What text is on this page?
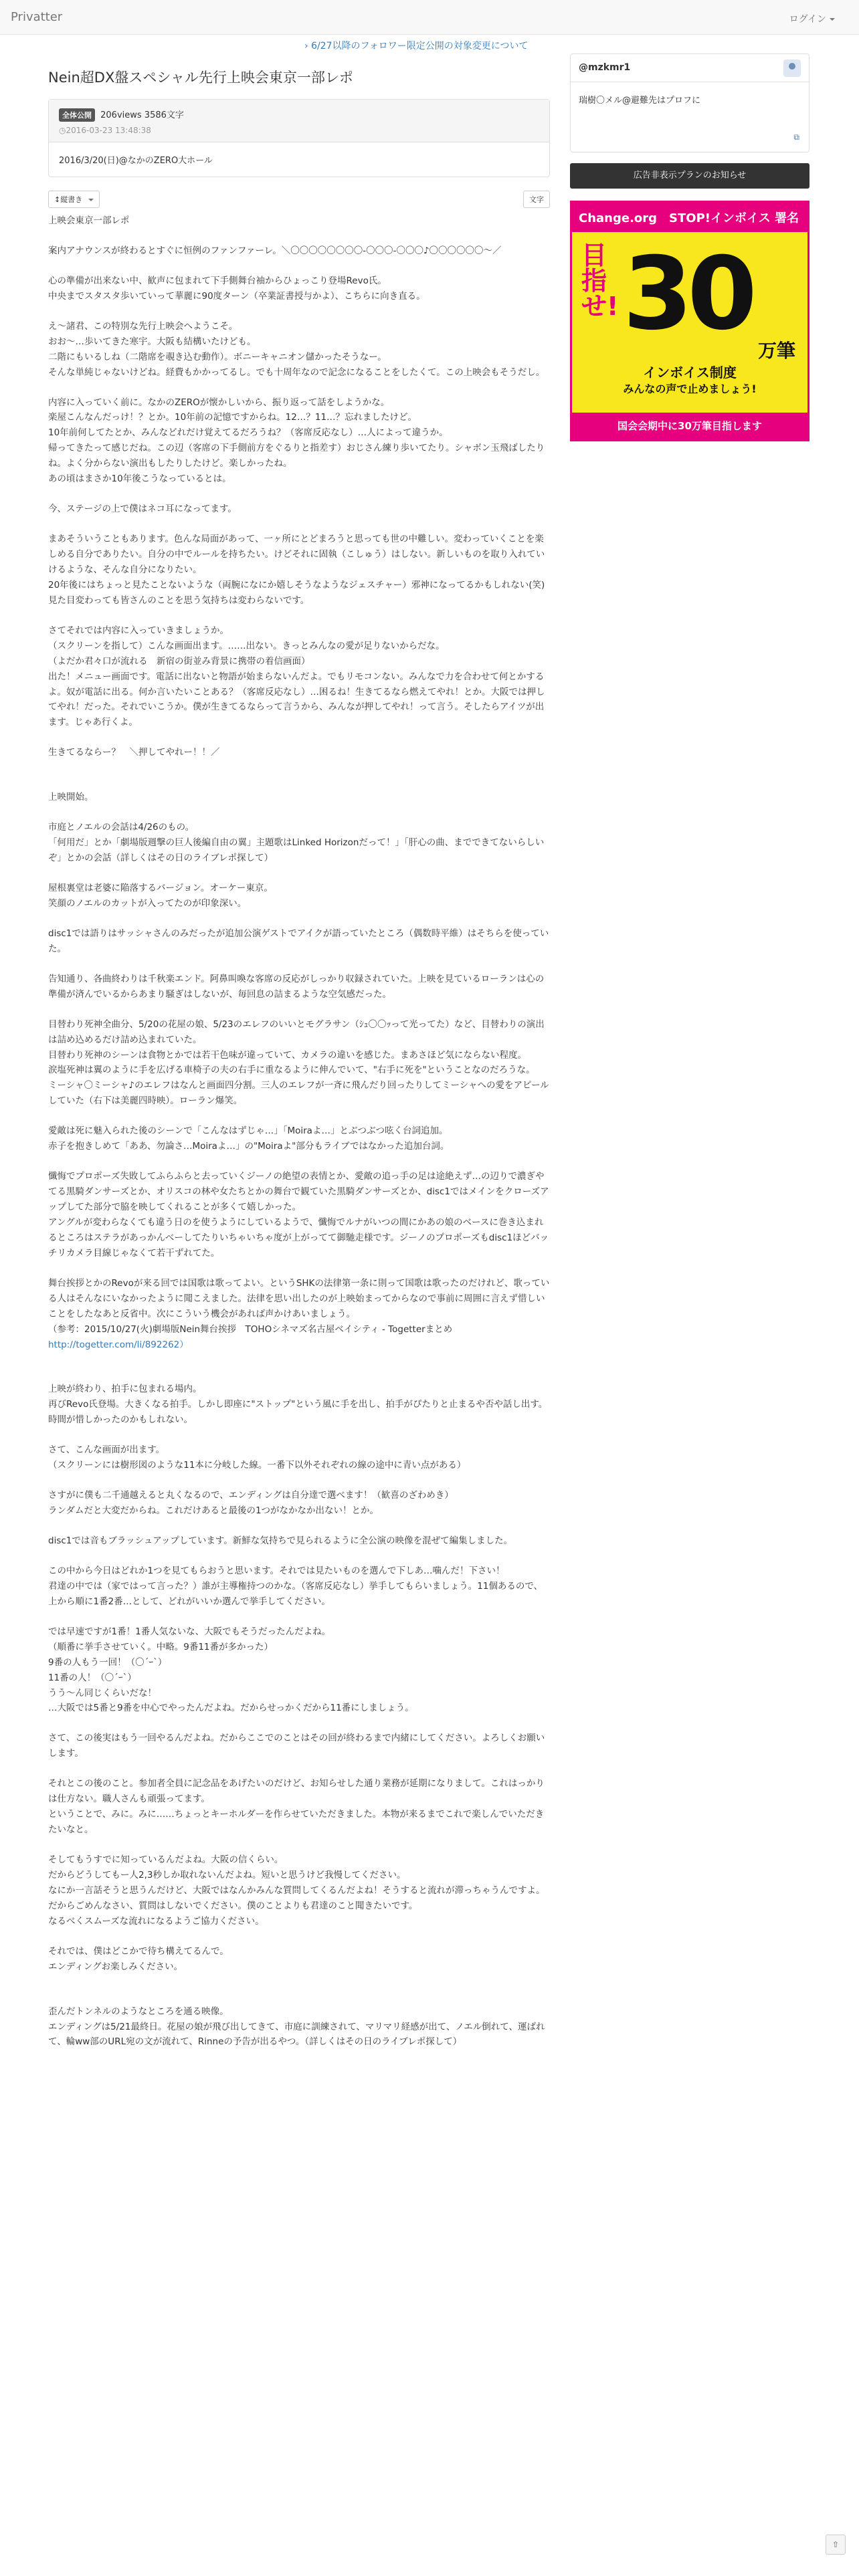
Privatter	ログイン
› 6/27以降のフォロワー限定公開の対象変更について
Nein超DX盤スペシャル先行上映会東京一部レポ
全体公開 206views 3586文字
◷2016-03-23 13:48:38
2016/3/20(日)@なかのZERO大ホール
↕縦書き	文字

上映会東京一部レポ

案内アナウンスが終わるとすぐに恒例のファンファーレ。＼〇〇〇〇〇〇〇〇-〇〇〇-〇〇〇♪〇〇〇〇〇〇〜／

心の準備が出来ない中、歓声に包まれて下手側舞台袖からひょっこり登場Revo氏。

中央までスタスタ歩いていって華麗に90度ターン（卒業証書授与かよ）、こちらに向き直る。

え〜諸君、この特別な先行上映会へようこそ。

おお〜…歩いてきた寒宇。大阪も結構いたけども。

二階にもいるしね（二階席を覗き込む動作）。ボニーキャニオン儲かったそうなー。

そんな単純じゃないけどね。経費もかかってるし。でも十周年なので記念になることをしたくて。この上映会もそうだし。

内容に入っていく前に。なかのZEROが懐かしいから、振り返って話をしようかな。

楽屋こんなんだっけ！？とか。10年前の記憶ですからね。12…？11…？忘れましたけど。

10年前何してたとか、みんなどれだけ覚えてるだろうね？（客席反応なし）…人によって違うか。

帰ってきたって感じだね。この辺（客席の下手側前方をぐるりと指差す）おじさん練り歩いてたり。シャボン玉飛ばしたりね。よく分からない演出もしたりしたけど。楽しかったね。

あの頃はまさか10年後こうなっているとは。

今、ステージの上で僕はネコ耳になってます。

まあそういうこともあります。色んな局面があって、一ヶ所にとどまろうと思っても世の中難しい。変わっていくことを楽しめる自分でありたい。自分の中でルールを持ちたい。けどそれに固執（こしゅう）はしない。新しいものを取り入れていけるような、そんな自分になりたい。

20年後にはちょっと見たことないような（両腕になにか嬉しそうなようなジェスチャー）邪神になってるかもしれない(笑)

見た目変わっても皆さんのことを思う気持ちは変わらないです。

さてそれでは内容に入っていきましょうか。

（スクリーンを指して）こんな画面出ます。……出ない。きっとみんなの愛が足りないからだな。

（よだか君々口が流れる　新宿の街並み背景に携帯の着信画面）

出た！メニュー画面です。電話に出ないと物語が始まらないんだよ。でもリモコンない。みんなで力を合わせて何とかするよ。奴が電話に出る。何か言いたいことある？（客席反応なし）…困るね！生きてるなら燃えてやれ！とか。大阪では押してやれ！だった。それでいこうか。僕が生きてるならって言うから、みんなが押してやれ！って言う。そしたらアイツが出ます。じゃあ行くよ。

生きてるならー？　＼押してやれー！！／

上映開始。

市庭とノエルの会話は4/26のもの。

「何用だ」とか「劇場版週撃の巨人後編自由の翼」主題歌はLinked Horizonだって！」「肝心の曲、までできてないらしいぞ」とかの会話（詳しくはその日のライブレポ探して）

屋根裏堂は老婆に陥落するバージョン。オーケー東京。

笑顔のノエルのカットが入ってたのが印象深い。

disc1では語りはサッシャさんのみだったが追加公演ゲストでアイクが語っていたところ（偶数時平維）はそちらを使っていた。

告知通り、各曲終わりは千秋楽エンド。阿鼻叫喚な客席の反応がしっかり収録されていた。上映を見ているローランは心の準備が済んでいるからあまり騒ぎはしないが、毎回息の詰まるような空気感だった。

目替わり死神全曲分、5/20の花屋の娘、5/23のエレフのいいとモグラサン（ｼｭ〇〇ｯって光ってた）など、目替わりの演出は詰め込めるだけ詰め込まれていた。

目替わり死神のシーンは食物とかでは若干色味が違っていて、カメラの違いを感じた。まあさほど気にならない程度。

涙塩死神は翼のように手を広げる車椅子の夫の右手に重なるように伸んでいて、"右手に死を"ということなのだろうな。

ミーシャ〇ミーシャ♪のエレフはなんと画面四分割。三人のエレフが一斉に飛んだり回ったりしてミーシャへの愛をアピールしていた（右下は美麗四時映）。ローラン爆笑。

愛敵は死に魅入られた後のシーンで「こんなはずじゃ…」「Moiraよ…」とぶつぶつ呟く台詞追加。

赤子を抱きしめて「ああ、勿論さ…Moiraよ…」の"Moiraよ"部分もライブではなかった追加台詞。

懺悔でプロポーズ失敗してふらふらと去っていくジーノの絶望の表情とか、愛敵の追っ手の足は途絶えず…の辺りで濃ぎやてる黒騎ダンサーズとか、オリスコの林や女たちとかの舞台で観ていた黒騎ダンサーズとか、disc1ではメインをクローズアップしてた部分で脇を映してくれることが多くて嬉しかった。

アングルが変わらなくても違う日のを使うようにしているようで、懺悔でルナがいつの間にかあの娘のベースに巻き込まれるところはステラがあっかんべーしてたりいちゃいちゃ度が上がってて御馳走様です。ジーノのプロポーズもdisc1ほどバッチリカメラ目線じゃなくて若干ずれてた。

舞台挨拶とかのRevoが来る回では国歌は歌ってよい。というSHKの法律第一条に則って国歌は歌ったのだけれど、歌っている人はそんなにいなかったように聞こえました。法律を思い出したのが上映始まってからなので事前に周囲に言えず惜しいことをしたなあと反省中。次にこういう機会があれば声かけあいましょう。

（参考：2015/10/27(火)劇場版Nein舞台挨拶　TOHOシネマズ名古屋ベイシティ - Togetterまとめ

http://togetter.com/li/892262）

上映が終わり、拍手に包まれる場内。

再びRevo氏登場。大きくなる拍手。しかし即座に"ストップ"という風に手を出し、拍手がぴたりと止まるや否や話し出す。時間が惜しかったのかもしれない。

さて、こんな画面が出ます。

（スクリーンには樹形図のような11本に分岐した線。一番下以外それぞれの線の途中に青い点がある）

さすがに僕も二千通越えると丸くなるので、エンディングは自分達で選べます！（歓喜のざわめき）

ランダムだと大変だからね。これだけあると最後の1つがなかなか出ない！とか。

disc1では音もブラッシュアップしています。新鮮な気持ちで見られるように全公演の映像を混ぜて編集しました。

この中から今日はどれか1つを見てもらおうと思います。それでは見たいものを選んで下しあ…噛んだ！下さい！

君達の中では（家ではって言った？）誰が主導権持つのかな。（客席反応なし）挙手してもらいましょう。11個あるので、上から順に1番2番…として、どれがいいか選んで挙手してください。

では早速ですが1番！1番人気ないな、大阪でもそうだったんだよね。

（順番に挙手させていく。中略。9番11番が多かった）

9番の人もう一回！（〇´ｰ`）

11番の人！（〇´ｰ`）

うう〜ん同じくらいだな！

…大阪では5番と9番を中心でやったんだよね。だからせっかくだから11番にしましょう。

さて、この後実はもう一回やるんだよね。だからここでのことはその回が終わるまで内緒にしてください。よろしくお願いします。

それとこの後のこと。参加者全員に記念品をあげたいのだけど、お知らせした通り業務が延期になりまして。これはっかりは仕方ない。職人さんも頑張ってます。

ということで、みに。みに……ちょっとキーホルダーを作らせていただきました。本物が来るまでこれで楽しんでいただきたいなと。

そしてもうすでに知っているんだよね。大阪の信くらい。

だからどうしてもー人2,3秒しか取れないんだよね。短いと思うけど我慢してください。

なにか一言話そうと思うんだけど、大阪ではなんかみんな質問してくるんだよね！そうすると流れが滞っちゃうんですよ。

だからごめんなさい、質問はしないでください。僕のことよりも君達のこと聞きたいです。

なるべくスムーズな流れになるようご協力ください。

それでは、僕はどこかで待ち構えてるんで。

エンディングお楽しみください。

歪んだトンネルのようなところを通る映像。

エンディングは5/21最終日。花屋の娘が飛び出してきて、市庭に訓練されて、マリマリ経感が出て、ノエル倒れて、運ばれて、輪ww部のURL宛の文が流れて、Rinneの予告が出るやつ。（詳しくはその日のライブレポ探して）

@mzkmr1
瑞樹〇メル@避難先はプロフに
⧉
広告非表示プランのお知らせ
Change.org　STOP!インボイス 署名
目指せ! 30 万筆
インボイス制度
みんなの声で止めましょう!
国会会期中に30万筆目指します
⇧
